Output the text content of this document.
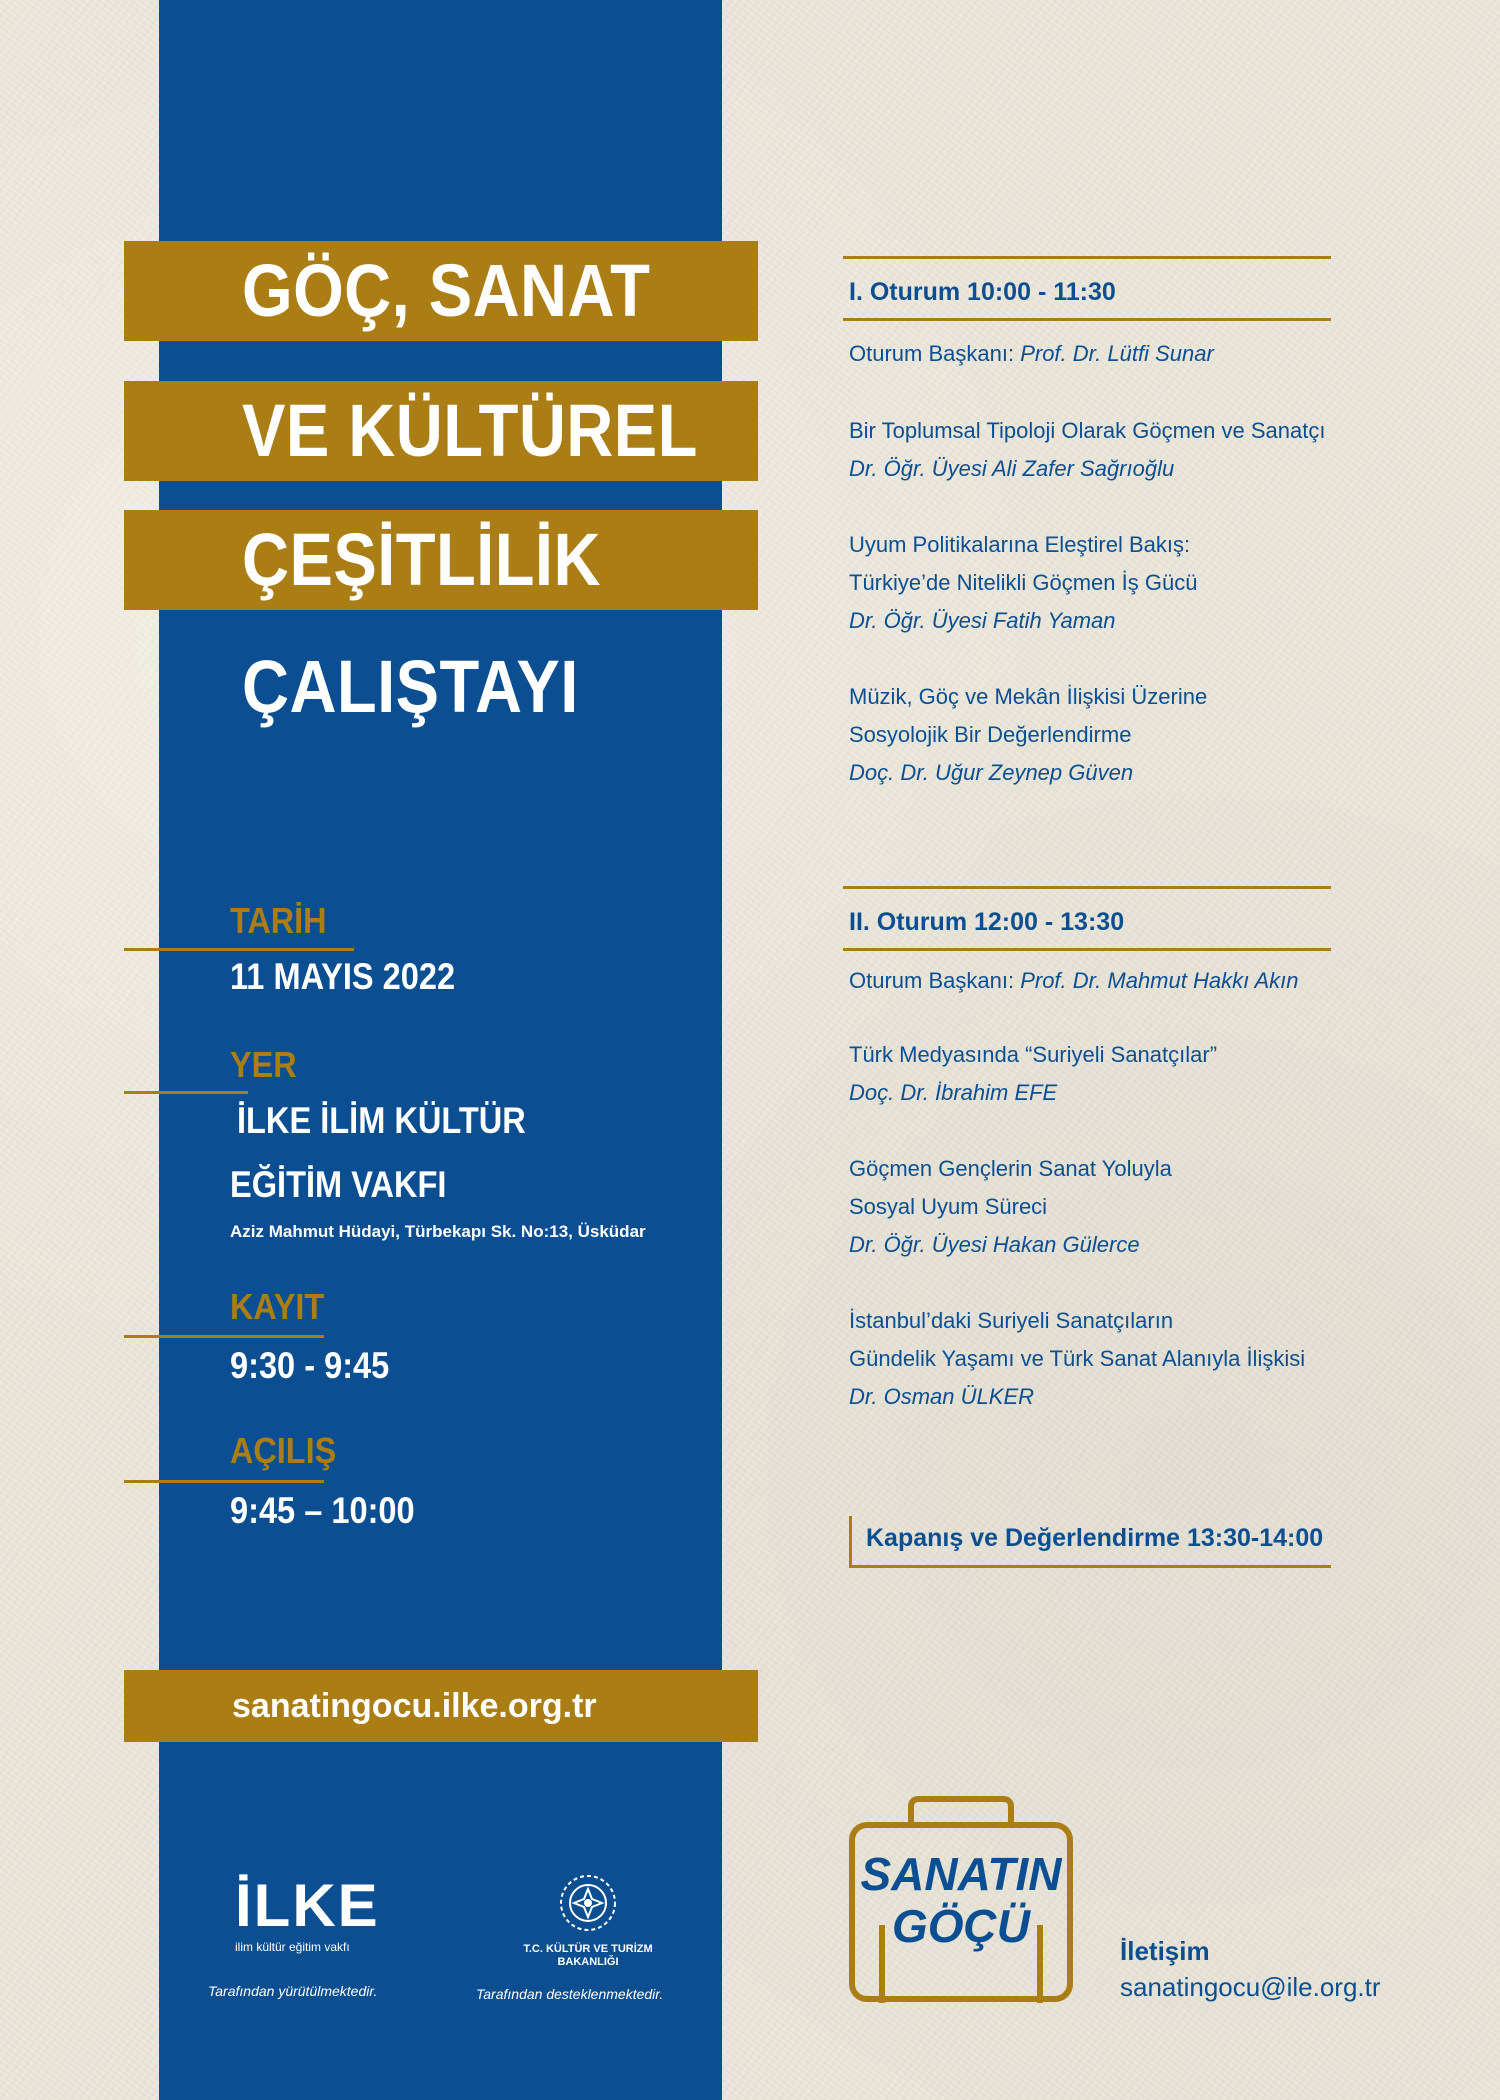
GÖÇ, SANAT
VE KÜLTÜREL
ÇEŞİTLİLİK
ÇALIŞTAYI
TARİH
11 MAYIS 2022
YER
İLKE İLİM KÜLTÜR
EĞİTİM VAKFI
Aziz Mahmut Hüdayi, Türbekapı Sk. No:13, Üsküdar
KAYIT
9:30 - 9:45
AÇILIŞ
9:45 – 10:00
sanatingocu.ilke.org.tr
I. Oturum 10:00 - 11:30
Oturum Başkanı: Prof. Dr. Lütfi Sunar
Bir Toplumsal Tipoloji Olarak Göçmen ve Sanatçı
Dr. Öğr. Üyesi Ali Zafer Sağrıoğlu
Uyum Politikalarına Eleştirel Bakış:
Türkiye’de Nitelikli Göçmen İş Gücü
Dr. Öğr. Üyesi Fatih Yaman
Müzik, Göç ve Mekân İlişkisi Üzerine
Sosyolojik Bir Değerlendirme
Doç. Dr. Uğur Zeynep Güven
II. Oturum 12:00 - 13:30
Oturum Başkanı: Prof. Dr. Mahmut Hakkı Akın
Türk Medyasında “Suriyeli Sanatçılar”
Doç. Dr. İbrahim EFE
Göçmen Gençlerin Sanat Yoluyla
Sosyal Uyum Süreci
Dr. Öğr. Üyesi Hakan Gülerce
İstanbul’daki Suriyeli Sanatçıların
Gündelik Yaşamı ve Türk Sanat Alanıyla İlişkisi
Dr. Osman ÜLKER
Kapanış ve Değerlendirme 13:30-14:00
SANATIN
GÖÇÜ	İletişim
sanatingocu@ile.org.tr
İLKE
ilim kültür eğitim vakfı
Tarafından yürütülmektedir.
T.C. KÜLTÜR VE TURİZM BAKANLIĞI
Tarafından desteklenmektedir.
